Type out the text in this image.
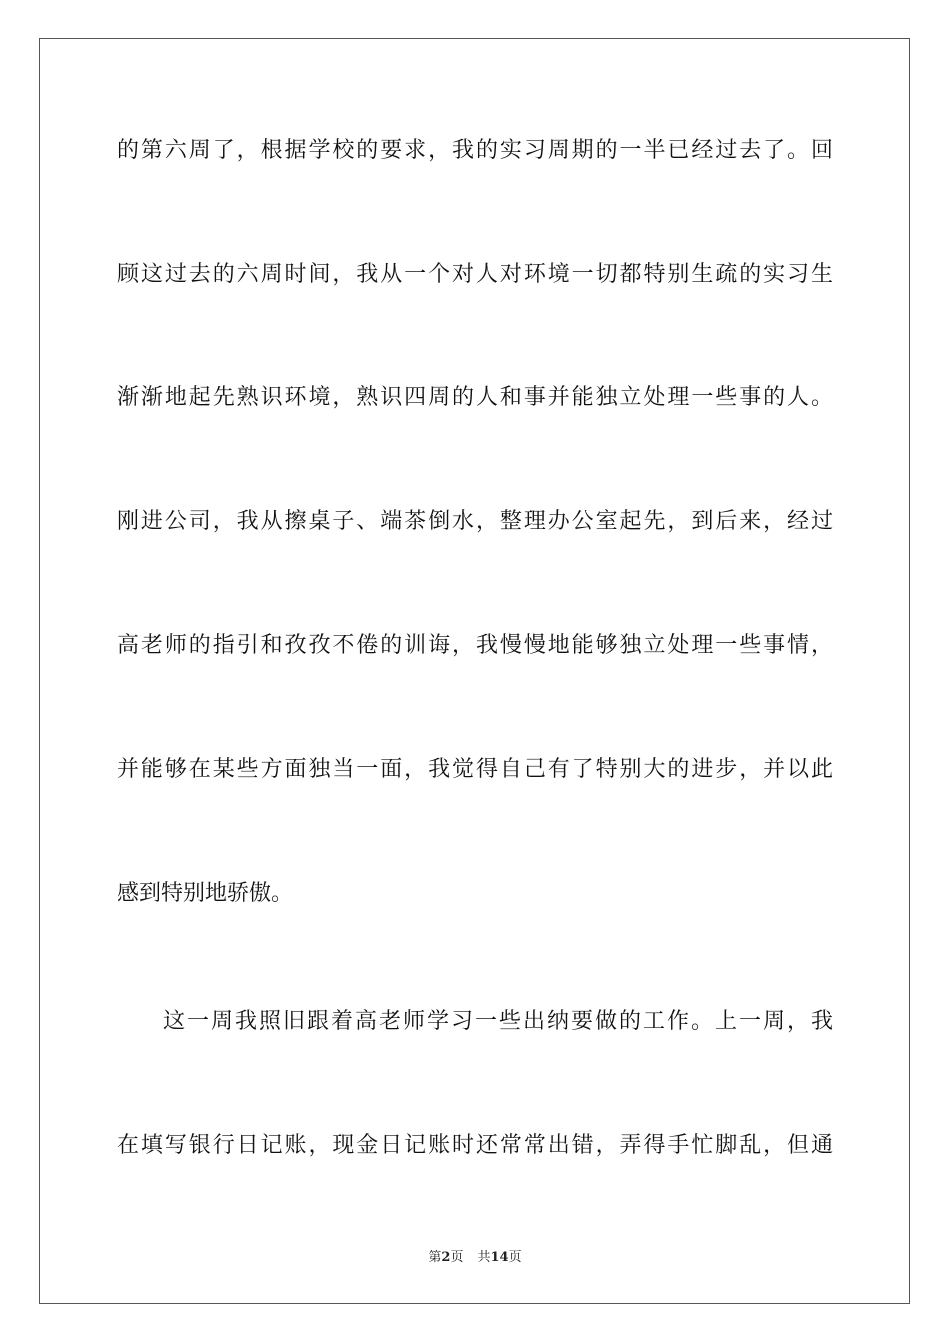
的第六周了，根据学校的要求，我的实习周期的一半已经过去了。回
顾这过去的六周时间，我从一个对人对环境一切都特别生疏的实习生
渐渐地起先熟识环境，熟识四周的人和事并能独立处理一些事的人。
刚进公司，我从擦桌子、端茶倒水，整理办公室起先，到后来，经过
高老师的指引和孜孜不倦的训诲，我慢慢地能够独立处理一些事情，
并能够在某些方面独当一面，我觉得自己有了特别大的进步，并以此
感到特别地骄傲。
这一周我照旧跟着高老师学习一些出纳要做的工作。上一周，我
在填写银行日记账，现金日记账时还常常出错，弄得手忙脚乱，但通
第2页 共14页
